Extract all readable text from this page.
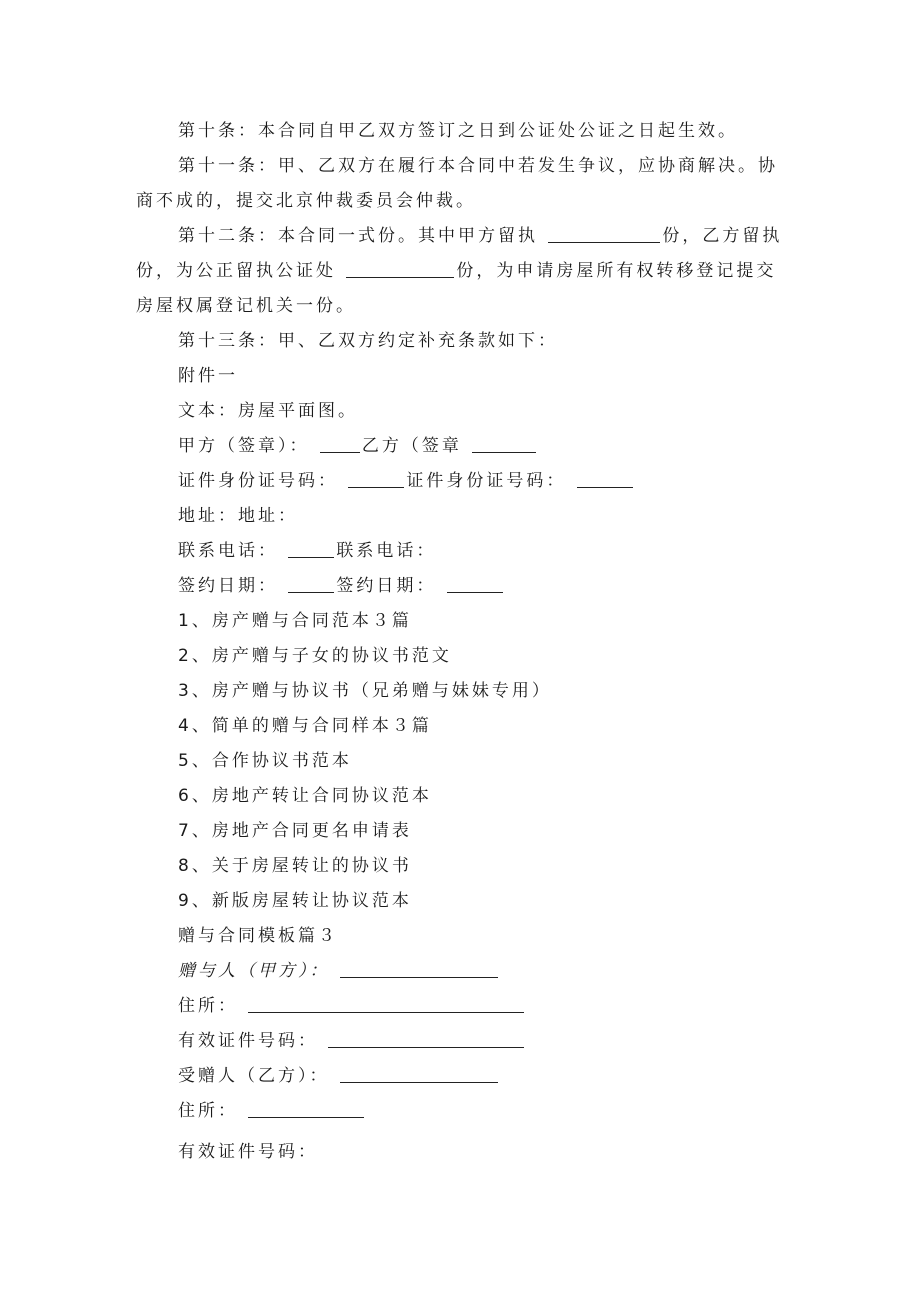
第十条：本合同自甲乙双方签订之日到公证处公证之日起生效。

第十一条：甲、乙双方在履行本合同中若发生争议，应协商解决。协商不成的，提交北京仲裁委员会仲裁。

第十二条：本合同一式份。其中甲方留执	份，乙方留执份，为公正留执公证处	份，为申请房屋所有权转移登记提交房屋权属登记机关一份。

第十三条：甲、乙双方约定补充条款如下：

附件一

文本：房屋平面图。

甲方（签章）：	乙方（签章

证件身份证号码：	证件身份证号码：

地址：地址：

联系电话：	联系电话：

签约日期：	签约日期：

1、房产赠与合同范本３篇

2、房产赠与子女的协议书范文

3、房产赠与协议书（兄弟赠与妹妹专用）

4、简单的赠与合同样本３篇

5、合作协议书范本

6、房地产转让合同协议范本

7、房地产合同更名申请表

8、关于房屋转让的协议书

9、新版房屋转让协议范本

赠与合同模板篇３

赠与人（甲方）：

住所：

有效证件号码：

受赠人（乙方）：

住所：

有效证件号码：
